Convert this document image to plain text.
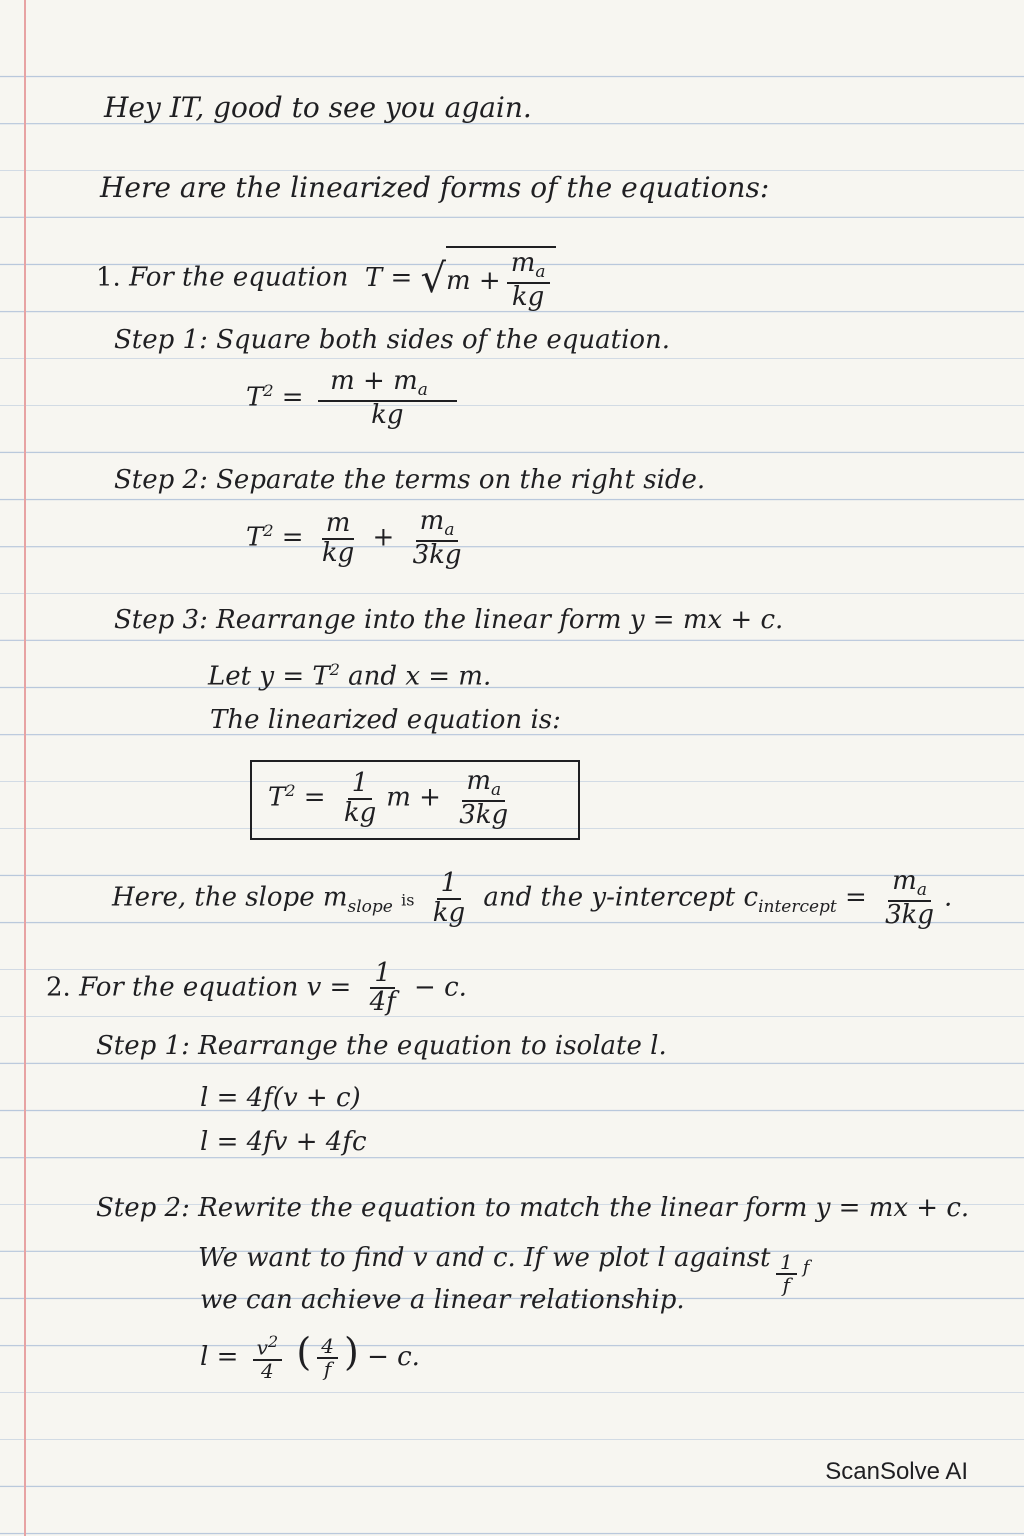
Hey IT, good to see you again.
Here are the linearized forms of the equations:
1. For the equation  T = √ $m + \frac{m_a}{kg}$
Step 1: Square both sides of the equation.
$T^2 = \frac{m + m_a}{kg}$
Step 2: Separate the terms on the right side.
$T^2 = \frac{m}{kg} + \frac{m_a}{3kg}$
Step 3: Rearrange into the linear form y = mx + c.
Let $y = T^2$ and x = m.
The linearized equation is:
$T^2 = \frac{1}{kg}$ $m + \frac{m_a}{3kg}$
Here, the slope $m_{slope}$ is $\frac{1}{kg}$ and the y-intercept $c_{intercept} = \frac{m_a}{3kg}$ .
2. For the equation $v = \frac{1}{4f} - c$.
Step 1: Rearrange the equation to isolate l.
l = 4f(v + c)
l = 4fv + 4fc
Step 2: Rewrite the equation to match the linear form y = mx + c.
We want to find v and c. If we plot l against $\frac{1}{f} ^f$
we can achieve a linear relationship.
$l = \frac{v^2}{4}$ ( $\frac{4}{f}$ ) − c.
ScanSolve AI
